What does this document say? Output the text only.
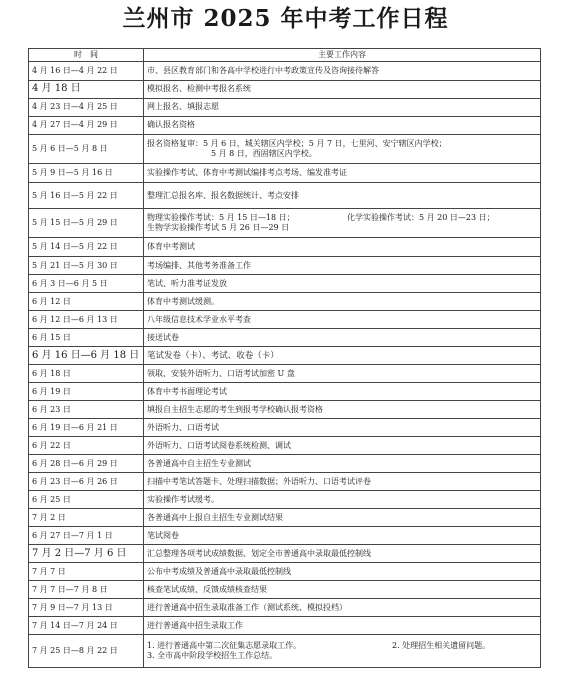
兰州市 2025 年中考工作日程
时　间	主要工作内容
4 月 16 日—4 月 22 日	市、县区教育部门和各高中学校进行中考政策宣传及咨询接待解答
4 月 18 日	模拟报名、检测中考报名系统
4 月 23 日—4 月 25 日	网上报名、填报志愿
4 月 27 日—4 月 29 日	确认报名资格
5 月 6 日—5 月 8 日	报名资格复审：5 月 6 日，城关辖区内学校；5 月 7 日，七里河、安宁辖区内学校；
5 月 8 日，西固辖区内学校。

5 月 9 日—5 月 16 日	实验操作考试、体育中考测试编排考点考场、编发准考证
5 月 16 日—5 月 22 日	整理汇总报名库、报名数据统计、考点安排
5 月 15 日—5 月 29 日	物理实验操作考试：5 月 15 日—18 日； 化学实验操作考试：5 月 20 日—23 日；
生物学实验操作考试 5 月 26 日—29 日

5 月 14 日—5 月 22 日	体育中考测试
5 月 21 日—5 月 30 日	考场编排、其他考务准备工作
6 月 3 日—6 月 5 日	笔试、听力准考证发放
6 月 12 日	体育中考测试缓测。
6 月 12 日—6 月 13 日	八年级信息技术学业水平考查
6 月 15 日	接送试卷
6 月 16 日—6 月 18 日	笔试发卷（卡）、考试、收卷（卡）
6 月 18 日	领取、安装外语听力、口语考试加密 U 盘
6 月 19 日	体育中考书面理论考试
6 月 23 日	填报自主招生志愿的考生到报考学校确认报考资格
6 月 19 日—6 月 21 日	外语听力、口语考试
6 月 22 日	外语听力、口语考试阅卷系统检测、调试
6 月 28 日—6 月 29 日	各普通高中自主招生专业测试
6 月 23 日—6 月 26 日	扫描中考笔试答题卡、处理扫描数据；外语听力、口语考试评卷
6 月 25 日	实验操作考试缓考。
7 月 2 日	各普通高中上报自主招生专业测试结果
6 月 27 日—7 月 1 日	笔试阅卷
7 月 2 日—7 月 6 日	汇总整理各项考试成绩数据、划定全市普通高中录取最低控制线
7 月 7 日	公布中考成绩及普通高中录取最低控制线
7 月 7 日—7 月 8 日	核查笔试成绩、反馈成绩核查结果
7 月 9 日—7 月 13 日	进行普通高中招生录取准备工作（测试系统、模拟投档）
7 月 14 日—7 月 24 日	进行普通高中招生录取工作
7 月 25 日—8 月 22 日	1. 进行普通高中第二次征集志愿录取工作。 2. 处理招生相关遗留问题。
3. 全市高中阶段学校招生工作总结。
